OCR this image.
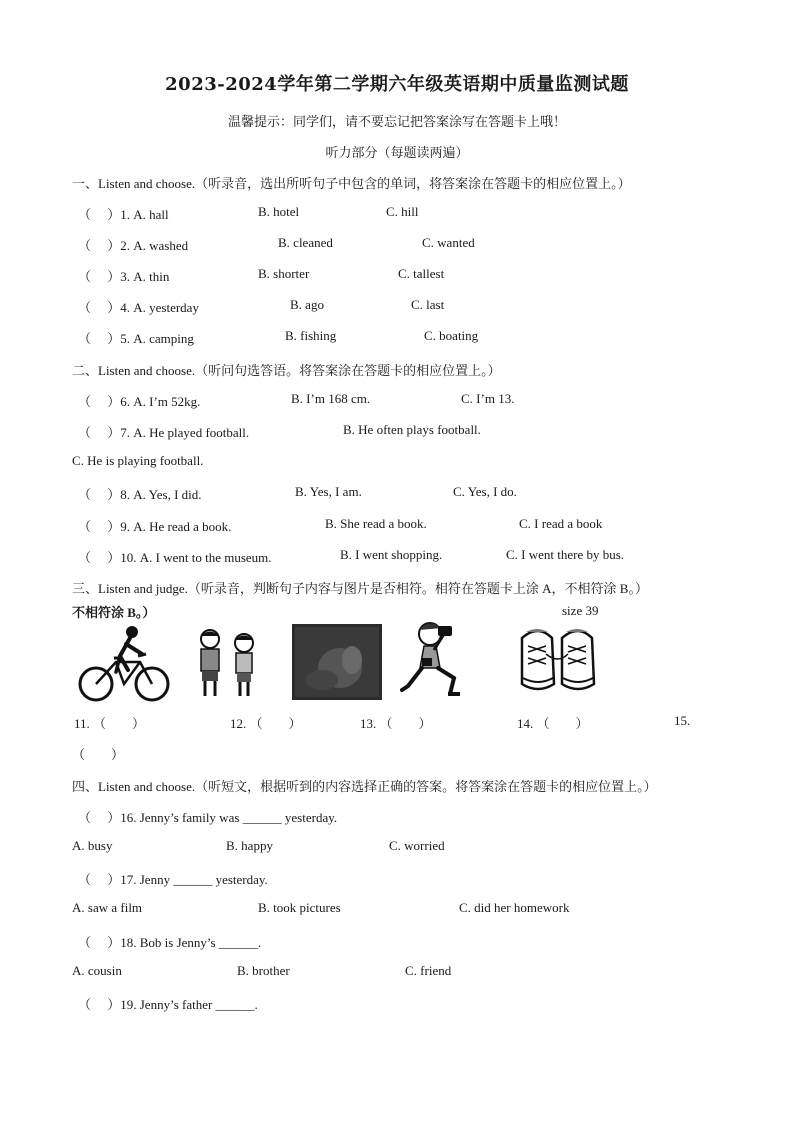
2023-2024学年第二学期六年级英语期中质量监测试题
温馨提示：同学们，请不要忘记把答案涂写在答题卡上哦！
听力部分（每题读两遍）
一、Listen and choose.（听录音，选出所听句子中包含的单词，将答案涂在答题卡的相应位置上。）
（　 ）1. A. hall	B. hotel	C. hill
（　 ）2. A. washed	B. cleaned	C. wanted
（　 ）3. A. thin	B. shorter	C. tallest
（　 ）4. A. yesterday	B. ago	C. last
（　 ）5. A. camping	B. fishing	C. boating
二、Listen and choose.（听问句选答语。将答案涂在答题卡的相应位置上。）
（　 ）6. A. I’m 52kg.	B. I’m 168 cm.	C. I’m 13.
（　 ）7. A. He played football.	B. He often plays football.
C. He is playing football.
（　 ）8. A. Yes, I did.	B. Yes, I am.	C. Yes, I do.
（　 ）9. A. He read a book.	B. She read a book.	C. I read a book
（　 ）10. A. I went to the museum.	B. I went shopping.	C. I went there by bus.
三、Listen and judge.（听录音，判断句子内容与图片是否相符。相符在答题卡上涂 A，不相符涂 B。）
不相符涂 B。）	size 39
11. （　　）	12. （　　）	13. （　　）	14. （　　）	15.
（　　）
四、Listen and choose.（听短文，根据听到的内容选择正确的答案。将答案涂在答题卡的相应位置上。）
（　 ）16. Jenny’s family was ______ yesterday.
A. busy	B. happy	C. worried
（　 ）17. Jenny ______ yesterday.
A. saw a film	B. took pictures	C. did her homework
（　 ）18. Bob is Jenny’s ______.
A. cousin	B. brother	C. friend
（　 ）19. Jenny’s father ______.
